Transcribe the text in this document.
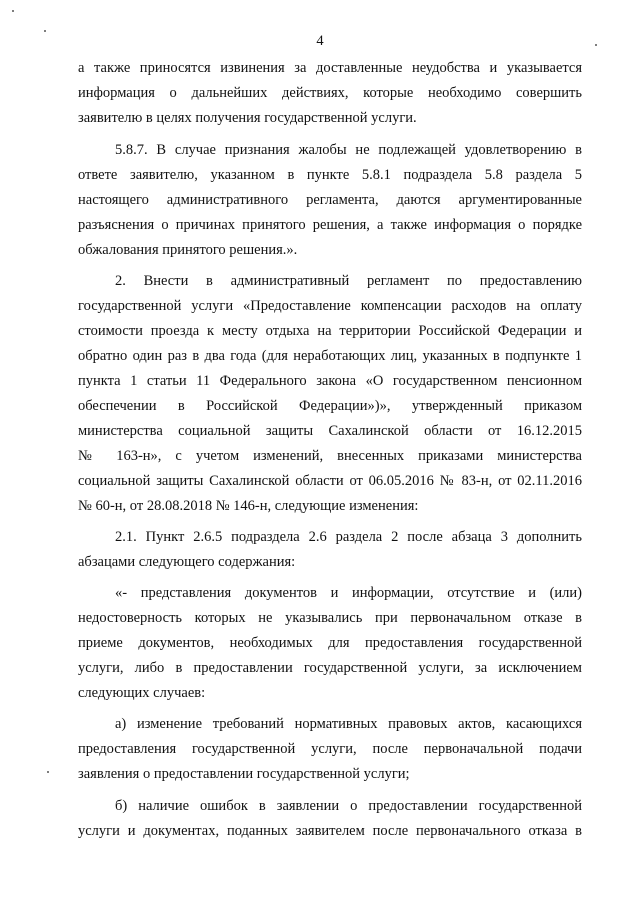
4
а также приносятся извинения за доставленные неудобства и указывается
информация о дальнейших действиях, которые необходимо совершить
заявителю в целях получения государственной услуги.
5.8.7. В случае признания жалобы не подлежащей удовлетворению в
ответе заявителю, указанном в пункте 5.8.1 подраздела 5.8 раздела 5
настоящего административного регламента, даются аргументированные
разъяснения о причинах принятого решения, а также информация о порядке
обжалования принятого решения.».
2. Внести в административный регламент по предоставлению
государственной услуги «Предоставление компенсации расходов на оплату
стоимости проезда к месту отдыха на территории Российской Федерации и
обратно один раз в два года (для неработающих лиц, указанных в подпункте 1
пункта 1 статьи 11 Федерального закона «О государственном пенсионном
обеспечении в Российской Федерации»)», утвержденный приказом
министерства социальной защиты Сахалинской области от 16.12.2015
№ 163-н», с учетом изменений, внесенных приказами министерства
социальной защиты Сахалинской области от 06.05.2016 № 83-н, от 02.11.2016
№ 60-н, от 28.08.2018 № 146-н, следующие изменения:
2.1. Пункт 2.6.5 подраздела 2.6 раздела 2 после абзаца 3 дополнить
абзацами следующего содержания:
«- представления документов и информации, отсутствие и (или)
недостоверность которых не указывались при первоначальном отказе в
приеме документов, необходимых для предоставления государственной
услуги, либо в предоставлении государственной услуги, за исключением
следующих случаев:
а) изменение требований нормативных правовых актов, касающихся
предоставления государственной услуги, после первоначальной подачи
заявления о предоставлении государственной услуги;
б) наличие ошибок в заявлении о предоставлении государственной
услуги и документах, поданных заявителем после первоначального отказа в
